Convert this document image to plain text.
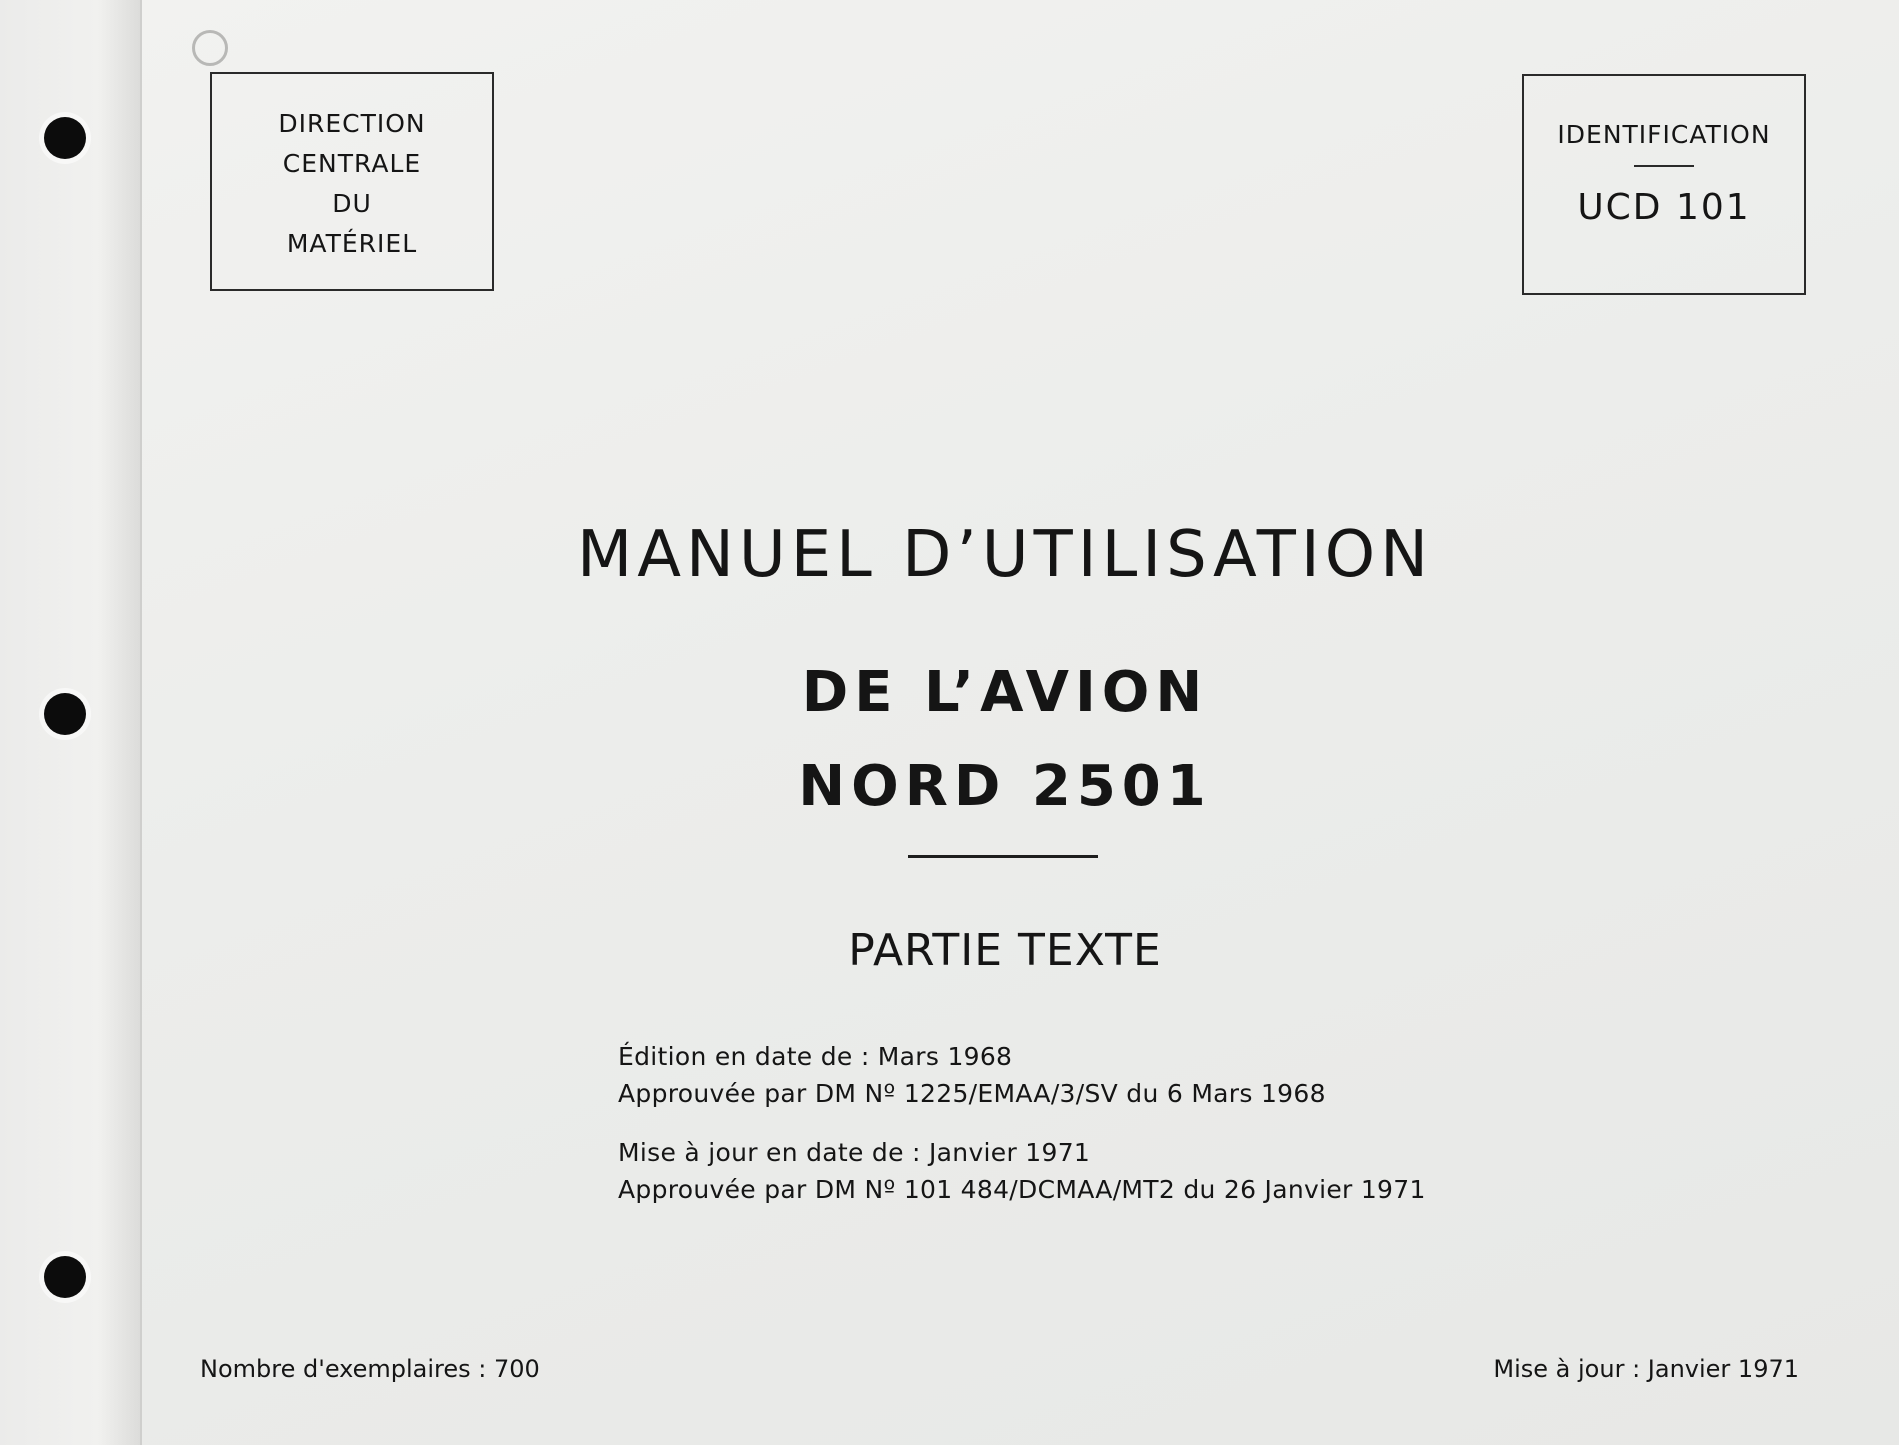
DIRECTION
CENTRALE
DU
MATÉRIEL
IDENTIFICATION
UCD 101
MANUEL D’UTILISATION
DE L’AVION
NORD 2501
PARTIE TEXTE
Édition en date de : Mars 1968
Approuvée par DM Nº 1225/EMAA/3/SV du 6 Mars 1968
Mise à jour en date de : Janvier 1971
Approuvée par DM Nº 101 484/DCMAA/MT2 du 26 Janvier 1971
Nombre d'exemplaires : 700	Mise à jour : Janvier 1971
